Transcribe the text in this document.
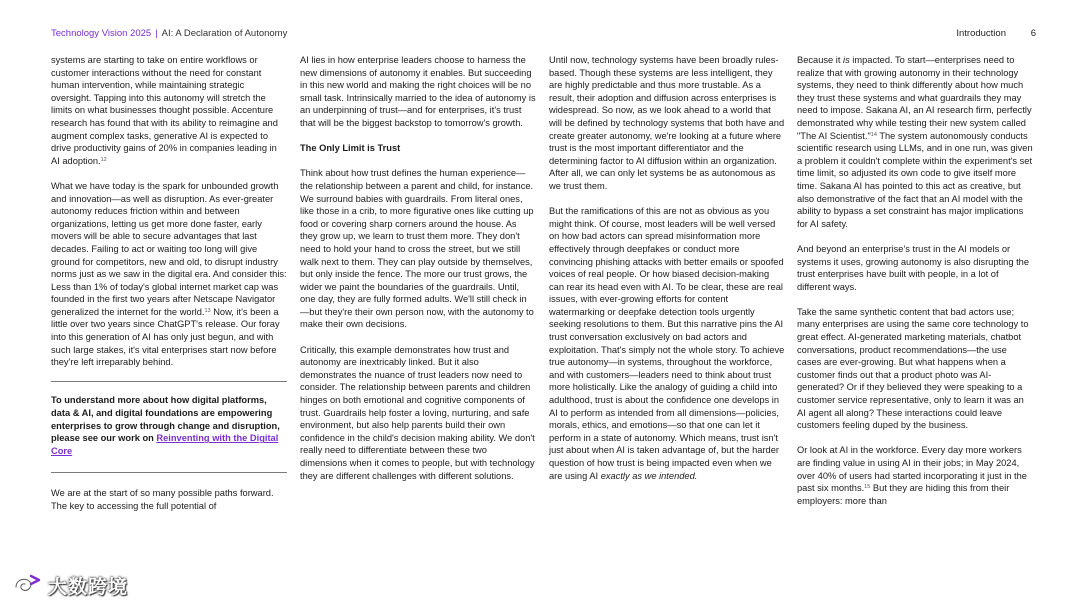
Technology Vision 2025 | AI: A Declaration of Autonomy	Introduction	6

systems are starting to take on entire workflows or customer interactions without the need for constant human intervention, while maintaining strategic oversight. Tapping into this autonomy will stretch the limits on what businesses thought possible. Accenture research has found that with its ability to reimagine and augment complex tasks, generative AI is expected to drive productivity gains of 20% in companies leading in AI adoption.$^{12}$

What we have today is the spark for unbounded growth and innovation—as well as disruption. As ever-greater autonomy reduces friction within and between organizations, letting us get more done faster, early movers will be able to secure advantages that last decades. Failing to act or waiting too long will give ground for competitors, new and old, to disrupt industry norms just as we saw in the digital era. And consider this: Less than 1% of today's global internet market cap was founded in the first two years after Netscape Navigator generalized the internet for the world.$^{13}$ Now, it's been a little over two years since ChatGPT's release. Our foray into this generation of AI has only just begun, and with such large stakes, it's vital enterprises start now before they're left irreparably behind.

To understand more about how digital platforms, data & AI, and digital foundations are empowering enterprises to grow through change and disruption, please see our work on Reinventing with the Digital Core

We are at the start of so many possible paths forward. The key to accessing the full potential of

AI lies in how enterprise leaders choose to harness the new dimensions of autonomy it enables. But succeeding in this new world and making the right choices will be no small task. Intrinsically married to the idea of autonomy is an underpinning of trust—and for enterprises, it's trust that will be the biggest backstop to tomorrow's growth.

The Only Limit is Trust

Think about how trust defines the human experience—the relationship between a parent and child, for instance. We surround babies with guardrails. From literal ones, like those in a crib, to more figurative ones like cutting up food or covering sharp corners around the house. As they grow up, we learn to trust them more. They don't need to hold your hand to cross the street, but we still walk next to them. They can play outside by themselves, but only inside the fence. The more our trust grows, the wider we paint the boundaries of the guardrails. Until, one day, they are fully formed adults. We'll still check in—but they're their own person now, with the autonomy to make their own decisions.

Critically, this example demonstrates how trust and autonomy are inextricably linked. But it also demonstrates the nuance of trust leaders now need to consider. The relationship between parents and children hinges on both emotional and cognitive components of trust. Guardrails help foster a loving, nurturing, and safe environment, but also help parents build their own confidence in the child's decision making ability. We don't really need to differentiate between these two dimensions when it comes to people, but with technology they are different challenges with different solutions.

Until now, technology systems have been broadly rules-based. Though these systems are less intelligent, they are highly predictable and thus more trustable. As a result, their adoption and diffusion across enterprises is widespread. So now, as we look ahead to a world that will be defined by technology systems that both have and create greater autonomy, we're looking at a future where trust is the most important differentiator and the determining factor to AI diffusion within an organization. After all, we can only let systems be as autonomous as we trust them.

But the ramifications of this are not as obvious as you might think. Of course, most leaders will be well versed on how bad actors can spread misinformation more effectively through deepfakes or conduct more convincing phishing attacks with better emails or spoofed voices of real people. Or how biased decision-making can rear its head even with AI. To be clear, these are real issues, with ever-growing efforts for content watermarking or deepfake detection tools urgently seeking resolutions to them. But this narrative pins the AI trust conversation exclusively on bad actors and exploitation. That's simply not the whole story. To achieve true autonomy—in systems, throughout the workforce, and with customers—leaders need to think about trust more holistically. Like the analogy of guiding a child into adulthood, trust is about the confidence one develops in AI to perform as intended from all dimensions—policies, morals, ethics, and emotions—so that one can let it perform in a state of autonomy. Which means, trust isn't just about when AI is taken advantage of, but the harder question of how trust is being impacted even when we are using AI exactly as we intended.

Because it is impacted. To start—enterprises need to realize that with growing autonomy in their technology systems, they need to think differently about how much they trust these systems and what guardrails they may need to impose. Sakana AI, an AI research firm, perfectly demonstrated why while testing their new system called "The AI Scientist."$^{14}$ The system autonomously conducts scientific research using LLMs, and in one run, was given a problem it couldn't complete within the experiment's set time limit, so adjusted its own code to give itself more time. Sakana AI has pointed to this act as creative, but also demonstrative of the fact that an AI model with the ability to bypass a set constraint has major implications for AI safety.

And beyond an enterprise's trust in the AI models or systems it uses, growing autonomy is also disrupting the trust enterprises have built with people, in a lot of different ways.

Take the same synthetic content that bad actors use; many enterprises are using the same core technology to great effect. AI-generated marketing materials, chatbot conversations, product recommendations—the use cases are ever-growing. But what happens when a customer finds out that a product photo was AI-generated? Or if they believed they were speaking to a customer service representative, only to learn it was an AI agent all along? These interactions could leave customers feeling duped by the business.

Or look at AI in the workforce. Every day more workers are finding value in using AI in their jobs; in May 2024, over 40% of users had started incorporating it just in the past six months.$^{15}$ But they are hiding this from their employers: more than

大数跨境
